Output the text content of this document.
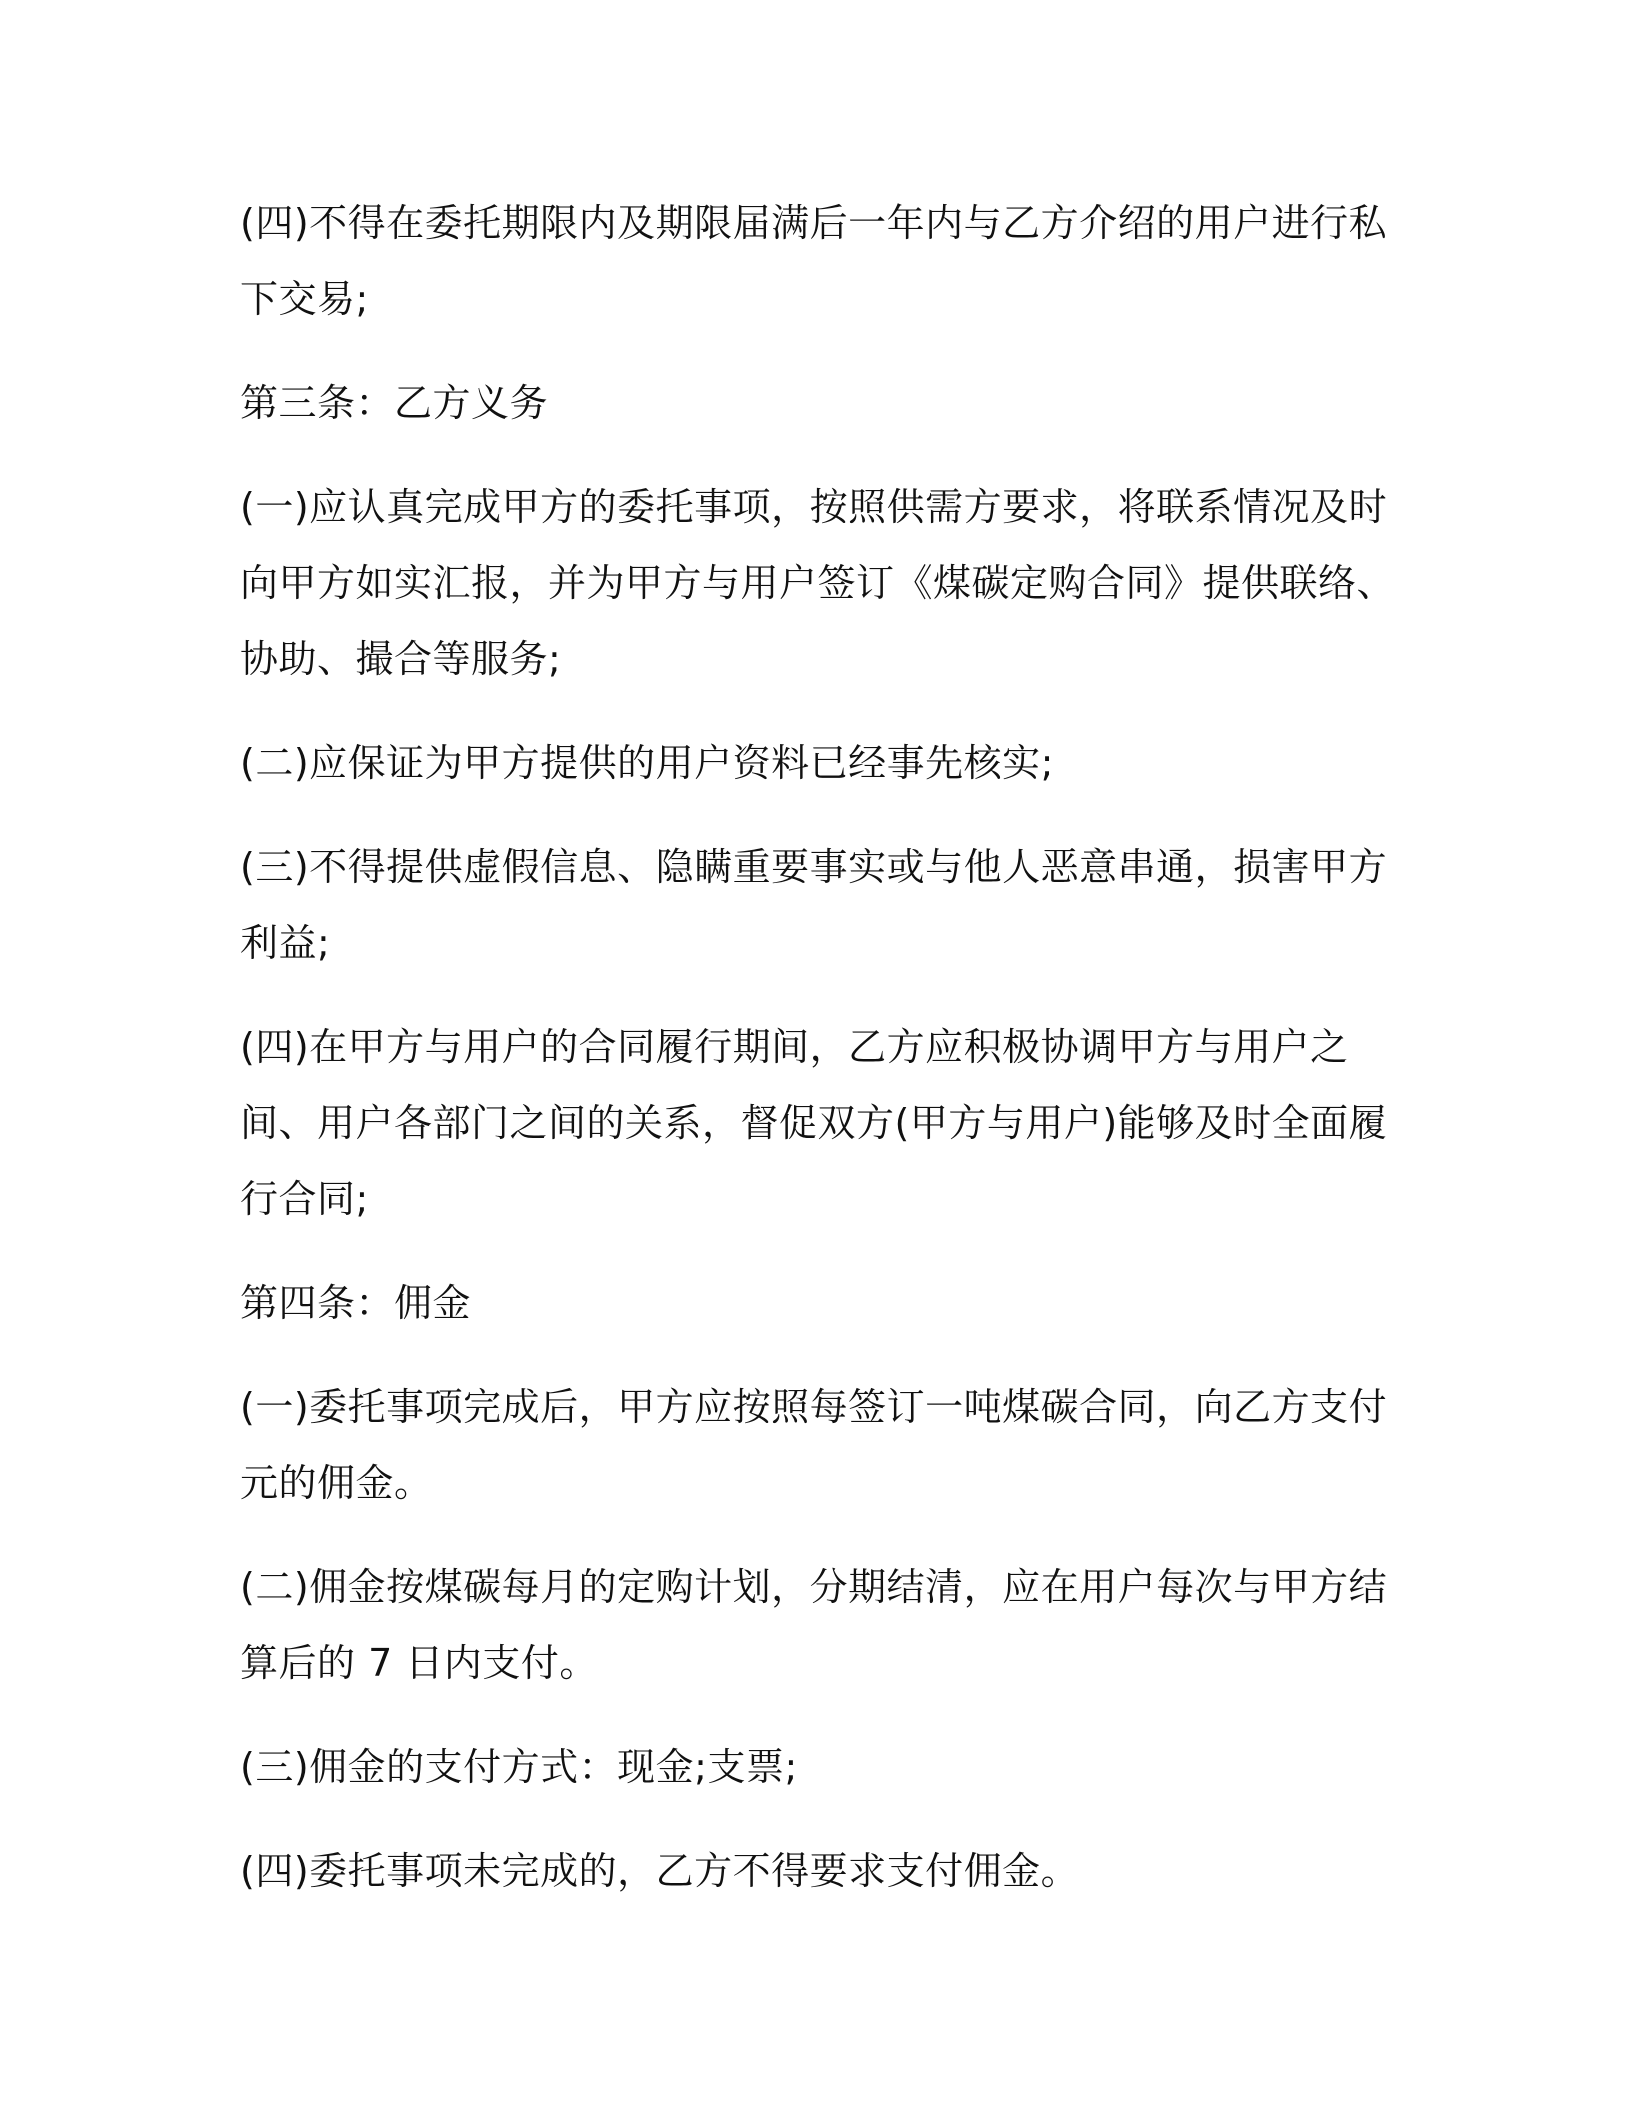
(四)不得在委托期限内及期限届满后一年内与乙方介绍的用户进行私下交易;

第三条：乙方义务

(一)应认真完成甲方的委托事项，按照供需方要求，将联系情况及时向甲方如实汇报，并为甲方与用户签订《煤碳定购合同》提供联络、协助、撮合等服务;

(二)应保证为甲方提供的用户资料已经事先核实;

(三)不得提供虚假信息、隐瞒重要事实或与他人恶意串通，损害甲方利益;

(四)在甲方与用户的合同履行期间，乙方应积极协调甲方与用户之间、用户各部门之间的关系，督促双方(甲方与用户)能够及时全面履行合同;

第四条：佣金

(一)委托事项完成后，甲方应按照每签订一吨煤碳合同，向乙方支付元的佣金。

(二)佣金按煤碳每月的定购计划，分期结清，应在用户每次与甲方结算后的 7 日内支付。

(三)佣金的支付方式：现金;支票;

(四)委托事项未完成的，乙方不得要求支付佣金。
